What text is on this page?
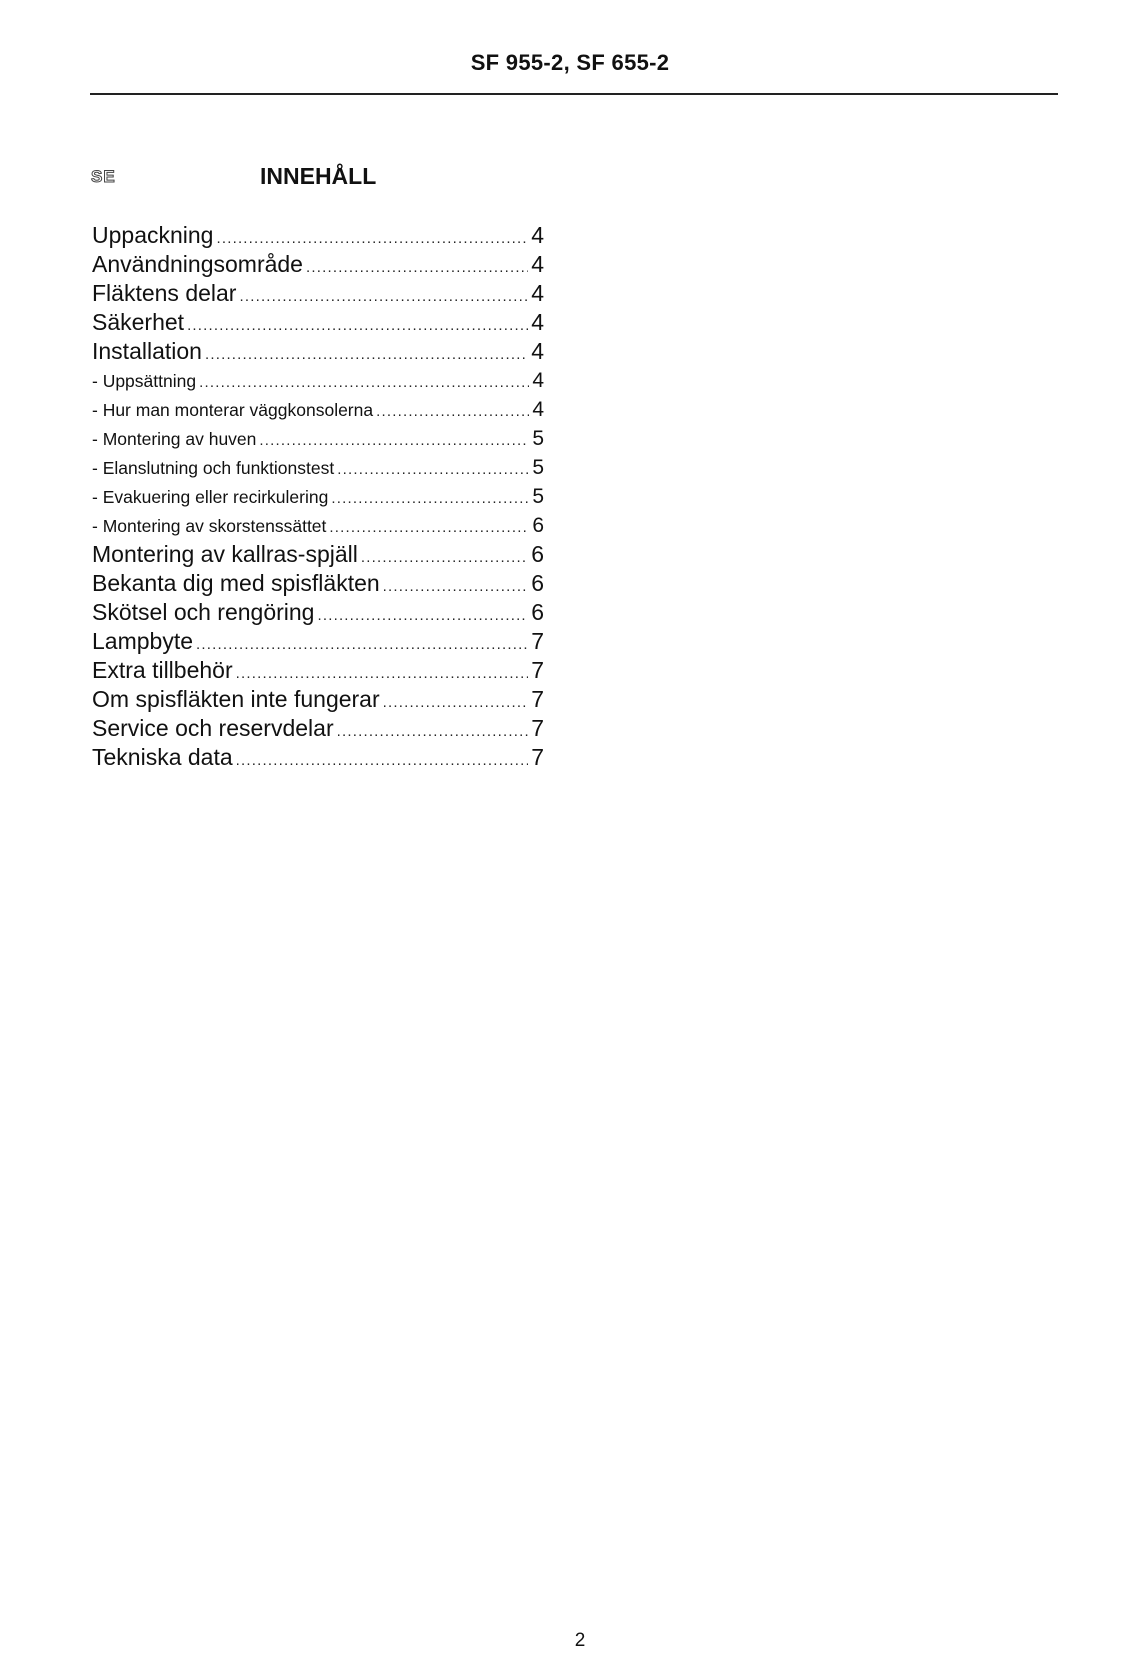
SF 955-2, SF 655-2
SE	INNEHÅLL
Uppackning .....	4
Användningsområde .....	4
Fläktens delar .....	4
Säkerhet .....	4
Installation .....	4
- Uppsättning .....	4
- Hur man monterar väggkonsolerna .....	4
- Montering av huven .....	5
- Elanslutning och funktionstest .....	5
- Evakuering eller recirkulering .....	5
- Montering av skorstenssättet .....	6
Montering av kallras-spjäll .....	6
Bekanta dig med spisfläkten .....	6
Skötsel och rengöring .....	6
Lampbyte .....	7
Extra tillbehör .....	7
Om spisfläkten inte fungerar .....	7
Service och reservdelar .....	7
Tekniska data .....	7
2
